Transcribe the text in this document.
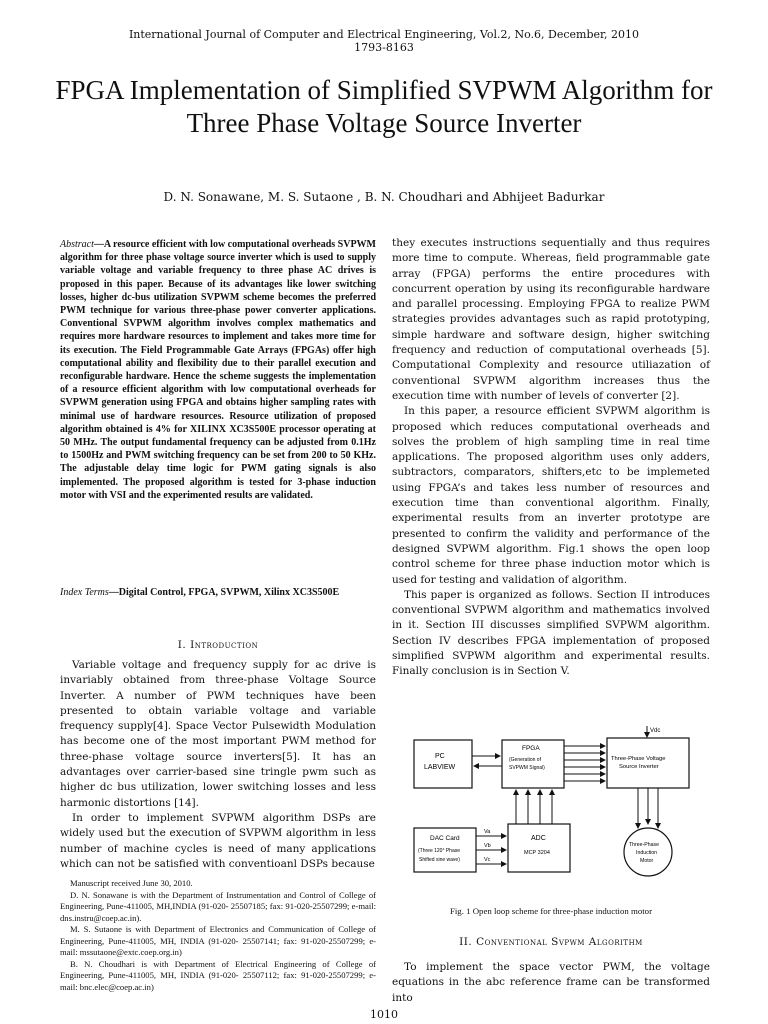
International Journal of Computer and Electrical Engineering, Vol.2, No.6, December, 2010
1793-8163
FPGA Implementation of Simplified SVPWM Algorithm for Three Phase Voltage Source Inverter
D. N. Sonawane, M. S. Sutaone , B. N. Choudhari and Abhijeet Badurkar
Abstract—A resource efficient with low computational overheads SVPWM algorithm for three phase voltage source inverter which is used to supply variable voltage and variable frequency to three phase AC drives is proposed in this paper. Because of its advantages like lower switching losses, higher dc-bus utilization SVPWM scheme becomes the preferred PWM technique for various three-phase power converter applications. Conventional SVPWM algorithm involves complex mathematics and requires more hardware resources to implement and takes more time for its execution. The Field Programmable Gate Arrays (FPGAs) offer high computational ability and flexibility due to their parallel execution and reconfigurable hardware. Hence the scheme suggests the implementation of a resource efficient algorithm with low computational overheads for SVPWM generation using FPGA and obtains higher sampling rates with minimal use of hardware resources. Resource utilization of proposed algorithm obtained is 4% for XILINX XC3S500E processor operating at 50 MHz. The output fundamental frequency can be adjusted from 0.1Hz to 1500Hz and PWM switching frequency can be set from 200 to 50 KHz. The adjustable delay time logic for PWM gating signals is also implemented. The proposed algorithm is tested for 3-phase induction motor with VSI and the experimented results are validated.
Index Terms—Digital Control, FPGA, SVPWM, Xilinx XC3S500E
I. Introduction

Variable voltage and frequency supply for ac drive is invariably obtained from three-phase Voltage Source Inverter. A number of PWM techniques have been presented to obtain variable voltage and variable frequency supply[4]. Space Vector Pulsewidth Modulation has become one of the most important PWM method for three-phase voltage source inverters[5]. It has an advantages over carrier-based sine tringle pwm such as higher dc bus utilization, lower switching losses and less harmonic distortions [14].

In order to implement SVPWM algorithm DSPs are widely used but the execution of SVPWM algorithm in less number of machine cycles is need of many applications which can not be satisfied with conventioanl DSPs because

Manuscript received June 30, 2010.

D. N. Sonawane is with the Department of Instrumentation and Control of College of Engineering, Pune-411005, MH,INDIA (91-020- 25507185; fax: 91-020-25507299; e-mail: dns.instru@coep.ac.in).

M. S. Sutaone is with Department of Electronics and Communication of College of Engineering, Pune-411005, MH, INDIA (91-020- 25507141; fax: 91-020-25507299; e-mail: mssutaone@extc.coep.org.in)

B. N. Choudhari is with Department of Electrical Engineering of College of Engineering, Pune-411005, MH, INDIA (91-020- 25507112; fax: 91-020-25507299; e-mail: bnc.elec@coep.ac.in)

they executes instructions sequentially and thus requires more time to compute. Whereas, field programmable gate array (FPGA) performs the entire procedures with concurrent operation by using its reconfigurable hardware and parallel processing. Employing FPGA to realize PWM strategies provides advantages such as rapid prototyping, simple hardware and software design, higher switching frequency and reduction of computational overheads [5]. Computational Complexity and resource utiliazation of conventional SVPWM algorithm increases thus the execution time with number of levels of converter [2].

In this paper, a resource efficient SVPWM algorithm is proposed which reduces computational overheads and solves the problem of high sampling time in real time applications. The proposed algorithm uses only adders, subtractors, comparators, shifters,etc to be implemeted using FPGA’s and takes less number of resources and execution time than conventional algorithm. Finally, experimental results from an inverter prototype are presented to confirm the validity and performance of the designed SVPWM algorithm. Fig.1 shows the open loop control scheme for three phase induction motor which is used for testing and validation of algorithm.

This paper is organized as follows. Section II introduces conventional SVPWM algorithm and mathematics involved in it. Section III discusses simplified SVPWM algorithm. Section IV describes FPGA implementation of proposed simplified SVPWM algorithm and experimental results. Finally conclusion is in Section V.

Vdc
PC
LABVIEW
FPGA
(Generation of
SVPWM Signal)
Three-Phase Voltage
Source Inverter
Three-Phase
Induction
Motor
DAC Card
(Three 120° Phase
Shifted sine wave)
ADC
MCP 3204
Va
Vb
Vc
Fig. 1 Open loop scheme for three-phase induction motor
II. Conventional Svpwm Algorithm

To implement the space vector PWM, the voltage equations in the abc reference frame can be transformed into

1010
